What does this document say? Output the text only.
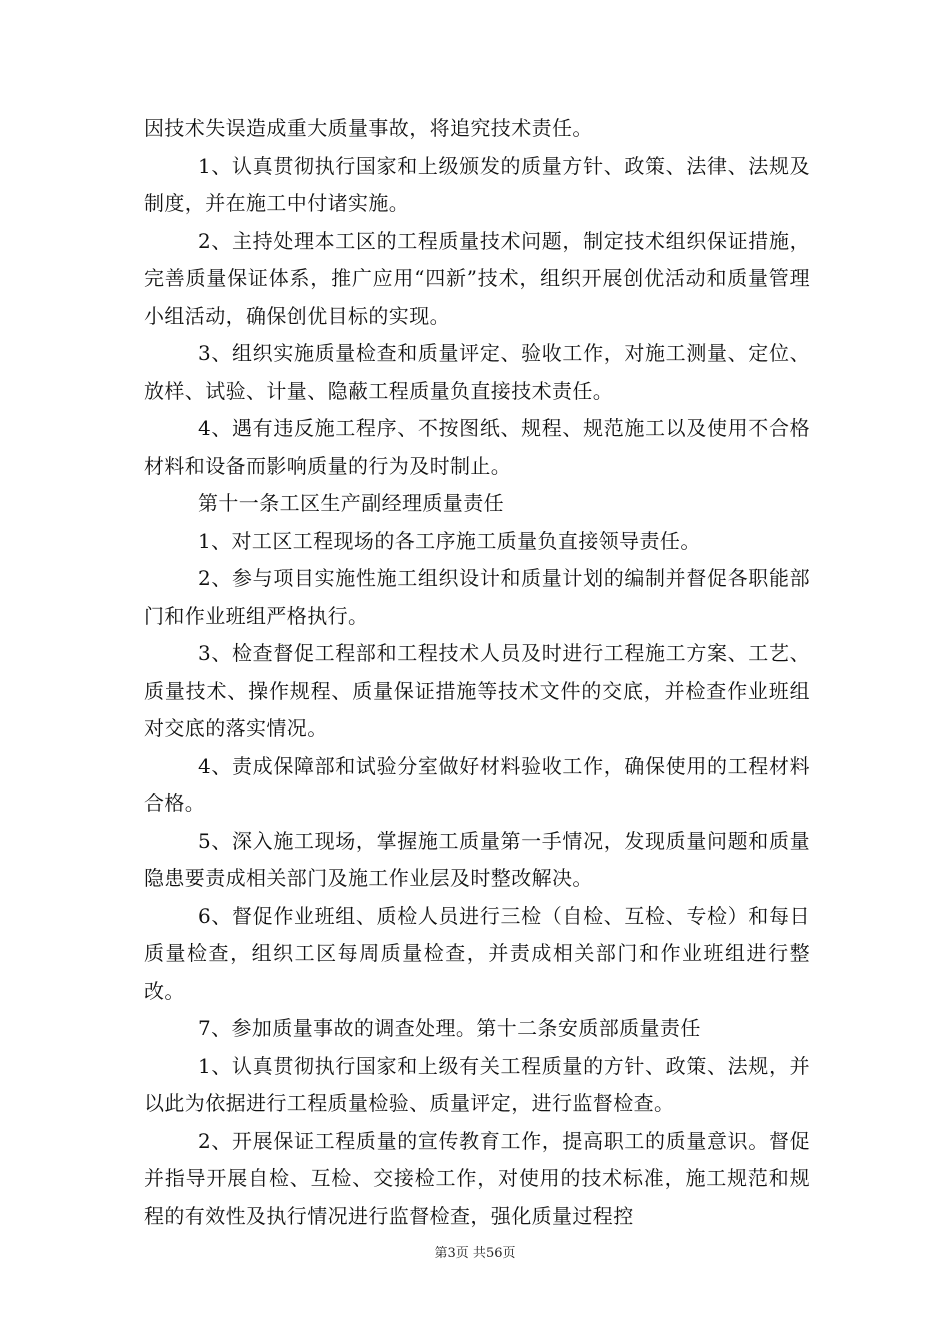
因技术失误造成重大质量事故，将追究技术责任。

1、认真贯彻执行国家和上级颁发的质量方针、政策、法律、法规及制度，并在施工中付诸实施。

2、主持处理本工区的工程质量技术问题，制定技术组织保证措施，完善质量保证体系，推广应用“四新”技术，组织开展创优活动和质量管理小组活动，确保创优目标的实现。

3、组织实施质量检查和质量评定、验收工作，对施工测量、定位、放样、试验、计量、隐蔽工程质量负直接技术责任。

4、遇有违反施工程序、不按图纸、规程、规范施工以及使用不合格材料和设备而影响质量的行为及时制止。

第十一条工区生产副经理质量责任

1、对工区工程现场的各工序施工质量负直接领导责任。

2、参与项目实施性施工组织设计和质量计划的编制并督促各职能部门和作业班组严格执行。

3、检查督促工程部和工程技术人员及时进行工程施工方案、工艺、质量技术、操作规程、质量保证措施等技术文件的交底，并检查作业班组对交底的落实情况。

4、责成保障部和试验分室做好材料验收工作，确保使用的工程材料合格。

5、深入施工现场，掌握施工质量第一手情况，发现质量问题和质量隐患要责成相关部门及施工作业层及时整改解决。

6、督促作业班组、质检人员进行三检（自检、互检、专检）和每日质量检查，组织工区每周质量检查，并责成相关部门和作业班组进行整改。

7、参加质量事故的调查处理。第十二条安质部质量责任

1、认真贯彻执行国家和上级有关工程质量的方针、政策、法规，并以此为依据进行工程质量检验、质量评定，进行监督检查。

2、开展保证工程质量的宣传教育工作，提高职工的质量意识。督促并指导开展自检、互检、交接检工作，对使用的技术标准，施工规范和规程的有效性及执行情况进行监督检查，强化质量过程控

第3页 共56页
